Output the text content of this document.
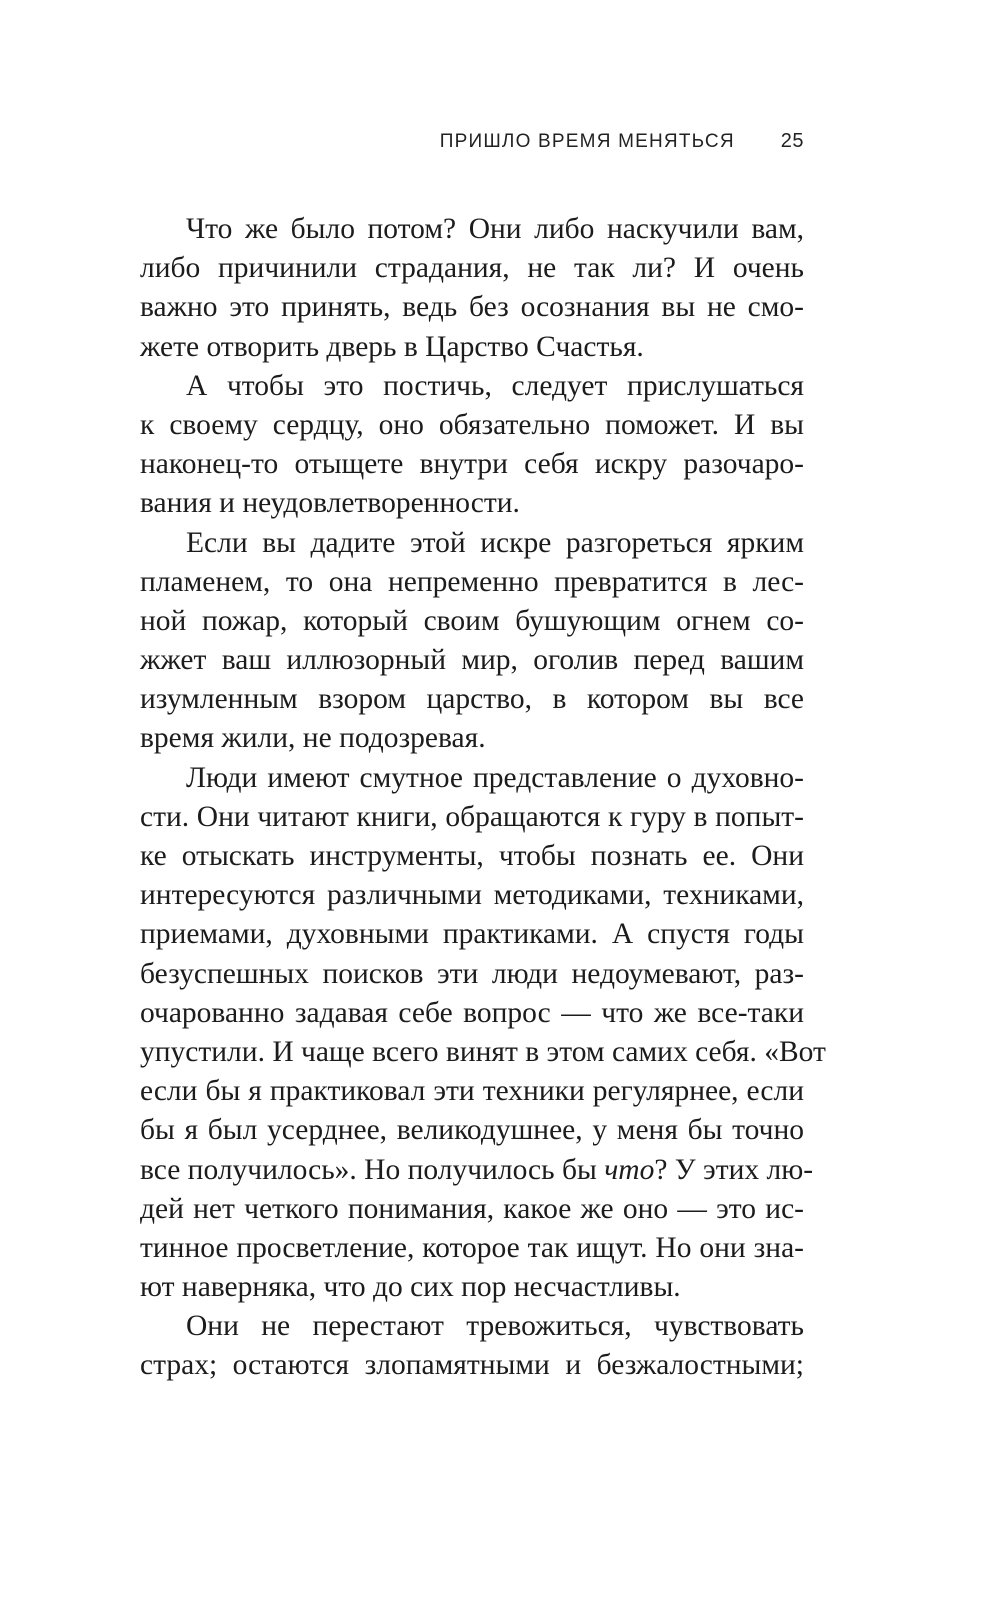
ПРИШЛО ВРЕМЯ МЕНЯТЬСЯ 25
Что же было потом? Они либо наскучили вам,
либо причинили страдания, не так ли? И очень
важно это принять, ведь без осознания вы не смо-
жете отворить дверь в Царство Счастья.
А чтобы это постичь, следует прислушаться
к своему сердцу, оно обязательно поможет. И вы
наконец-то отыщете внутри себя искру разочаро-
вания и неудовлетворенности.
Если вы дадите этой искре разгореться ярким
пламенем, то она непременно превратится в лес-
ной пожар, который своим бушующим огнем со-
жжет ваш иллюзорный мир, оголив перед вашим
изумленным взором царство, в котором вы все
время жили, не подозревая.
Люди имеют смутное представление о духовно-
сти. Они читают книги, обращаются к гуру в попыт-
ке отыскать инструменты, чтобы познать ее. Они
интересуются различными методиками, техниками,
приемами, духовными практиками. А спустя годы
безуспешных поисков эти люди недоумевают, раз-
очарованно задавая себе вопрос — что же все-таки
упустили. И чаще всего винят в этом самих себя. «Вот
если бы я практиковал эти техники регулярнее, если
бы я был усерднее, великодушнее, у меня бы точно
все получилось». Но получилось бы что? У этих лю-
дей нет четкого понимания, какое же оно — это ис-
тинное просветление, которое так ищут. Но они зна-
ют наверняка, что до сих пор несчастливы.
Они не перестают тревожиться, чувствовать
страх; остаются злопамятными и безжалостными;
